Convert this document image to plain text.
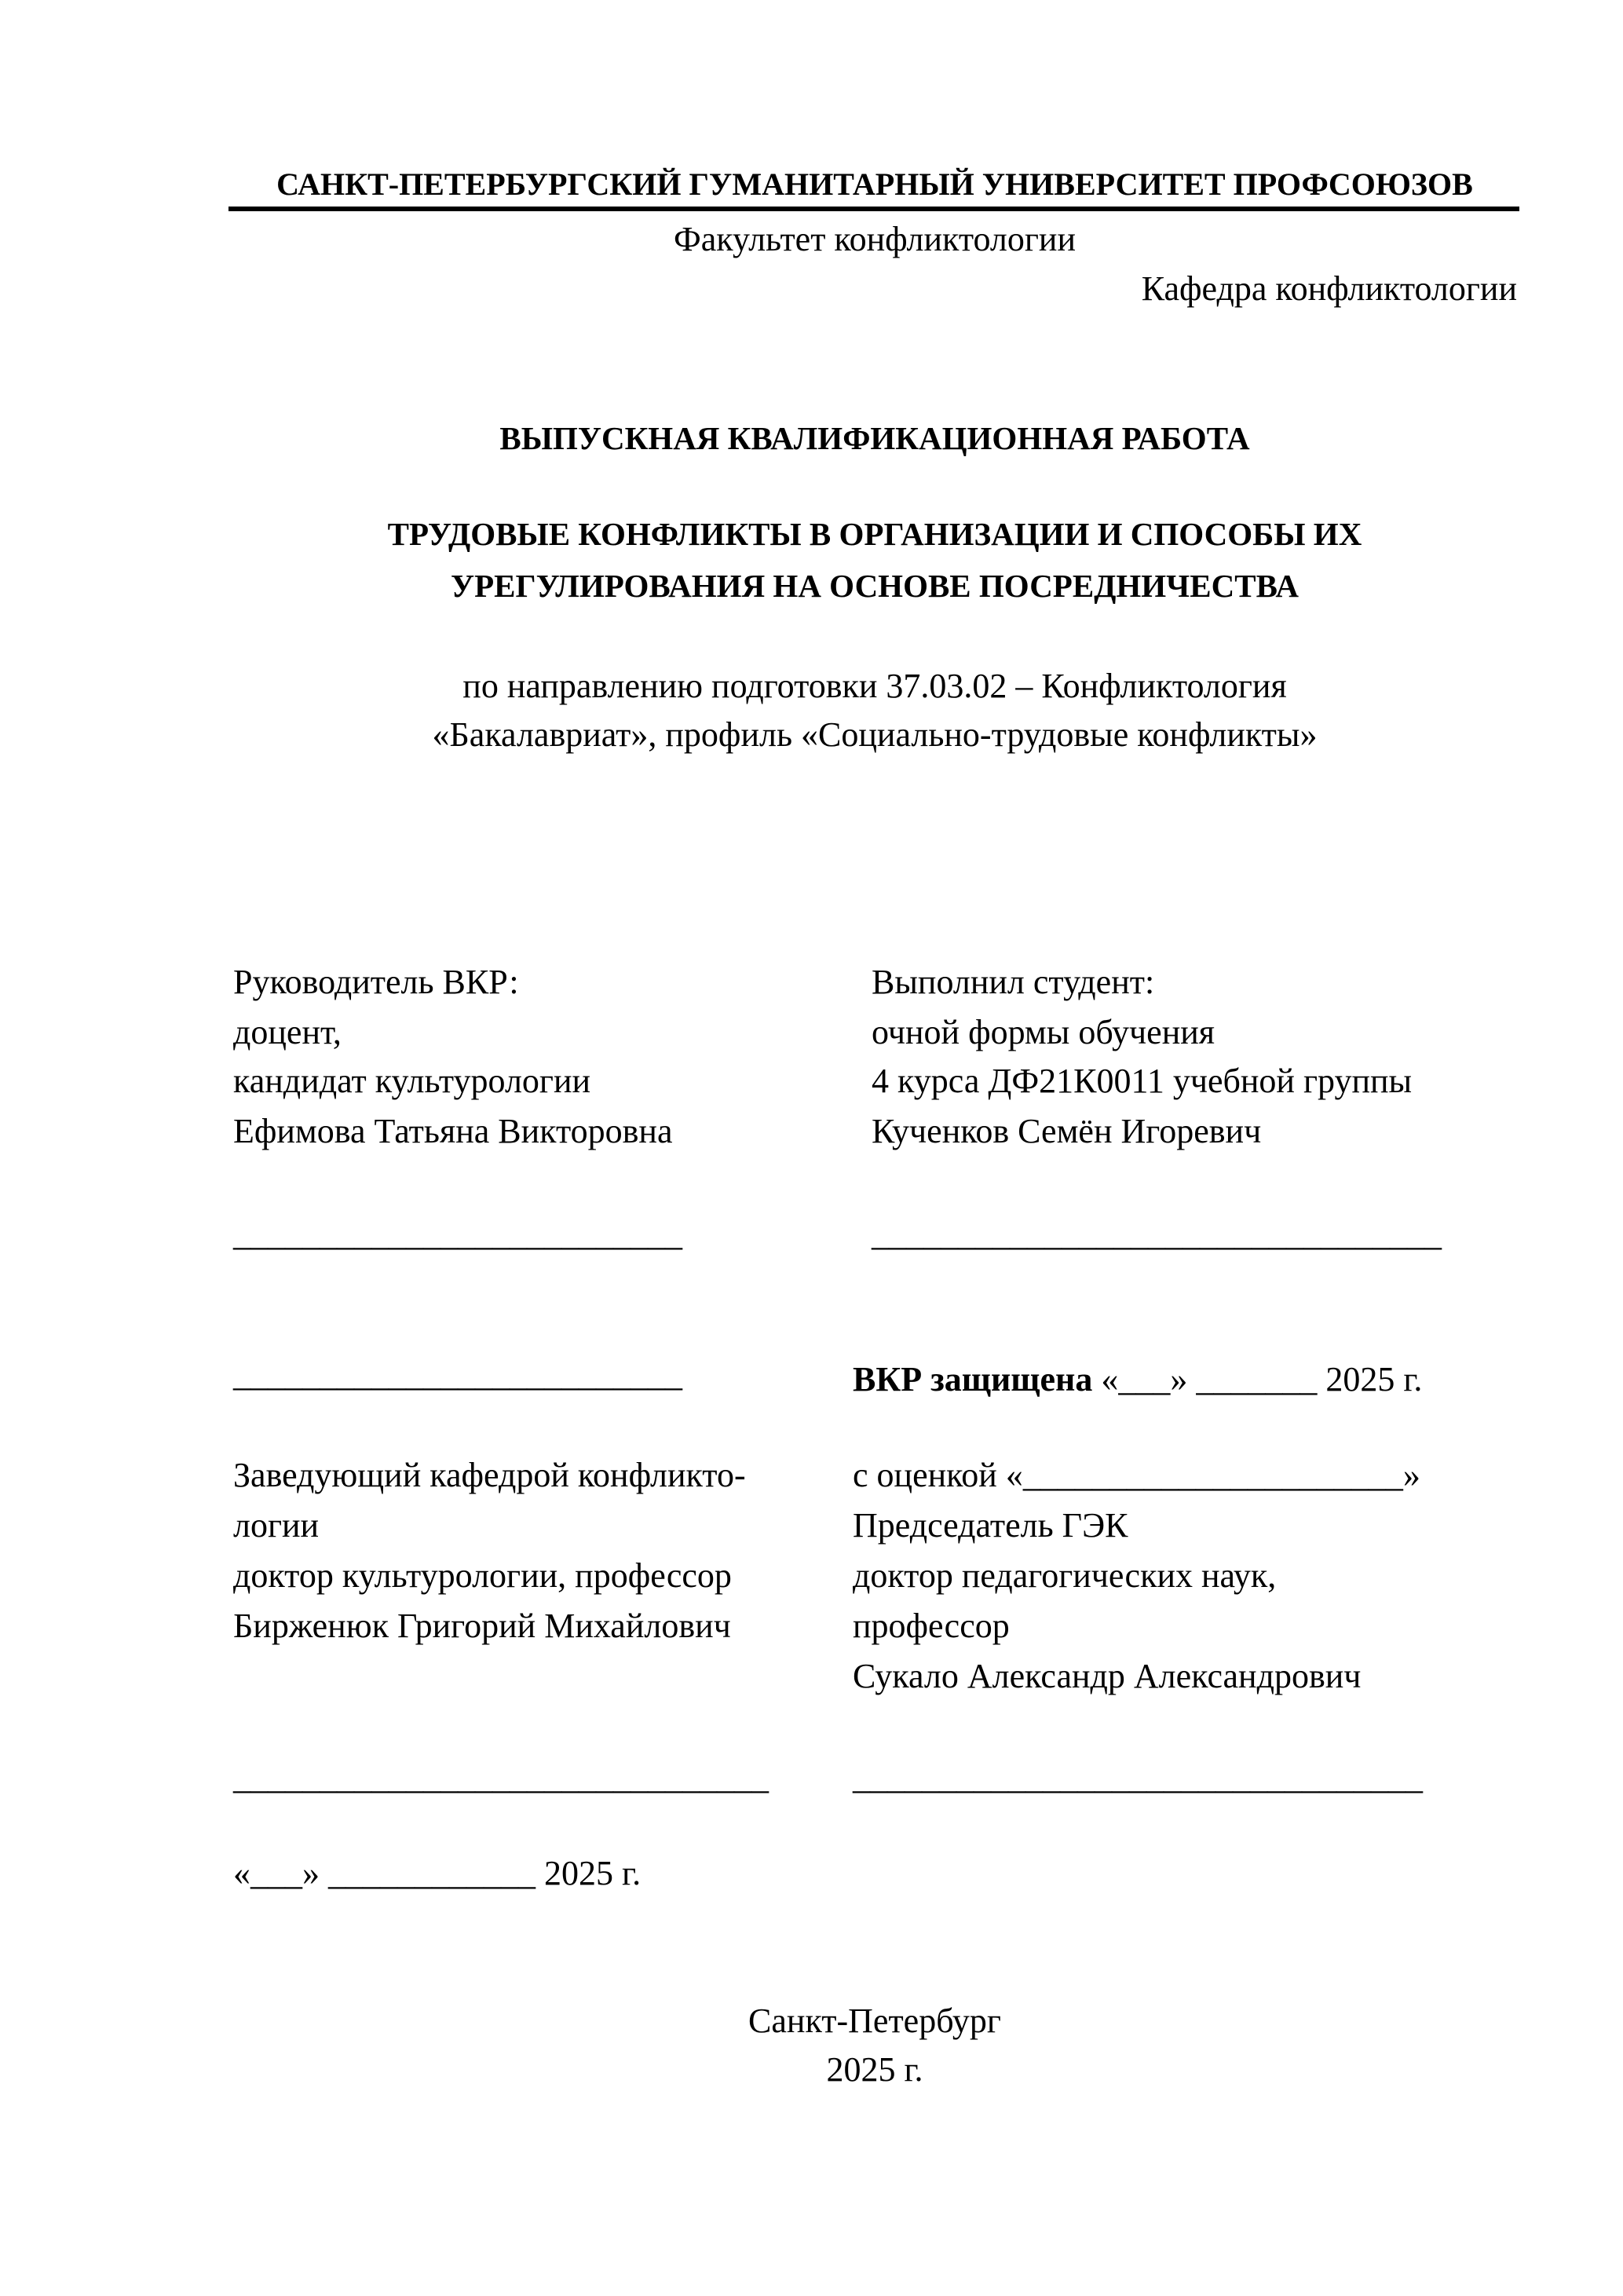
САНКТ-ПЕТЕРБУРГСКИЙ ГУМАНИТАРНЫЙ УНИВЕРСИТЕТ ПРОФСОЮЗОВ
Факультет конфликтологии
Кафедра конфликтологии
ВЫПУСКНАЯ КВАЛИФИКАЦИОННАЯ РАБОТА
ТРУДОВЫЕ КОНФЛИКТЫ В ОРГАНИЗАЦИИ И СПОСОБЫ ИХ
УРЕГУЛИРОВАНИЯ НА ОСНОВЕ ПОСРЕДНИЧЕСТВА
по направлению подготовки 37.03.02 – Конфликтология
«Бакалавриат», профиль «Социально-трудовые конфликты»
Руководитель ВКР:
доцент,
кандидат культурологии
Ефимова Татьяна Викторовна
__________________________
Выполнил студент:
очной формы обучения
4 курса ДФ21К0011 учебной группы
Кученков Семён Игоревич
_________________________________
__________________________	ВКР защищена «___» _______ 2025 г.
Заведующий кафедрой конфликто-
логии
доктор культурологии, профессор
Бирженюк Григорий Михайлович
_______________________________
«___» ____________ 2025 г.
с оценкой «______________________»
Председатель ГЭК
доктор педагогических наук,
профессор
Сукало Александр Александрович
_________________________________
Санкт-Петербург
2025 г.
